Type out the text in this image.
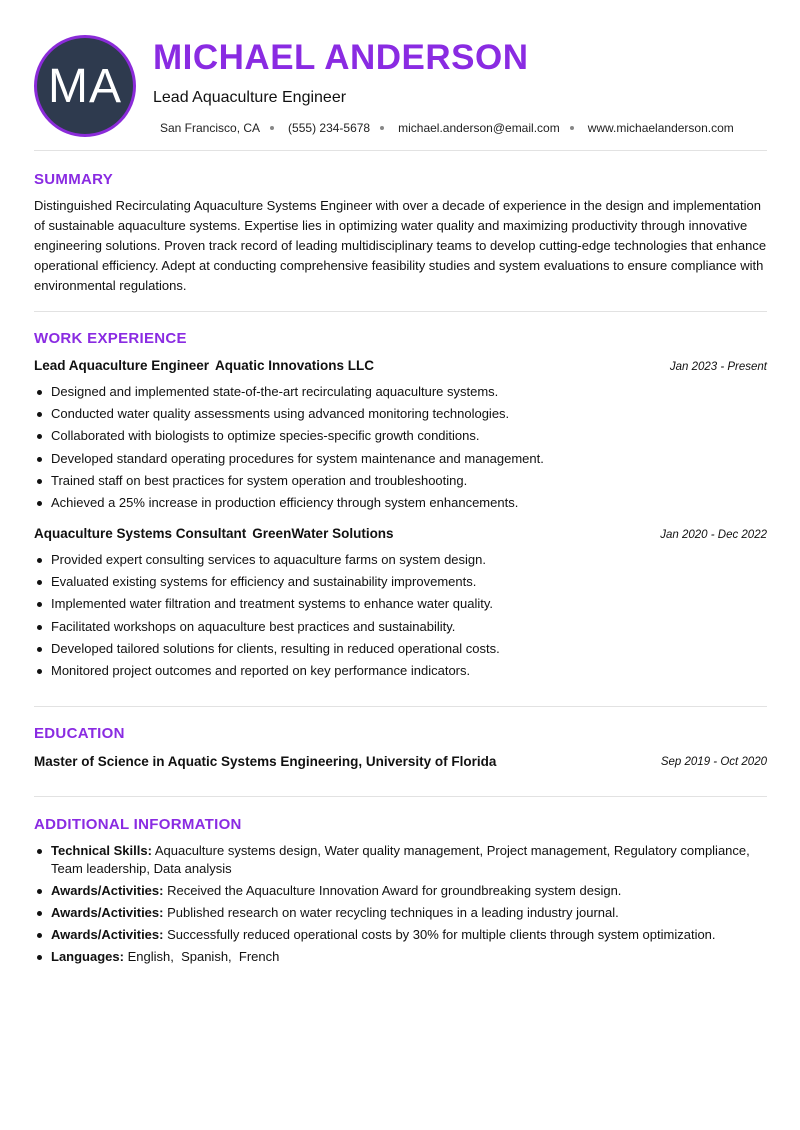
MA
MICHAEL ANDERSON
Lead Aquaculture Engineer
San Francisco, CA (555) 234-5678 michael.anderson@email.com www.michaelanderson.com
SUMMARY
Distinguished Recirculating Aquaculture Systems Engineer with over a decade of experience in the design and implementation of sustainable aquaculture systems. Expertise lies in optimizing water quality and maximizing productivity through innovative engineering solutions. Proven track record of leading multidisciplinary teams to develop cutting-edge technologies that enhance operational efficiency. Adept at conducting comprehensive feasibility studies and system evaluations to ensure compliance with environmental regulations.
WORK EXPERIENCE
Lead Aquaculture Engineer Aquatic Innovations LLC	Jan 2023 - Present
Designed and implemented state-of-the-art recirculating aquaculture systems.
Conducted water quality assessments using advanced monitoring technologies.
Collaborated with biologists to optimize species-specific growth conditions.
Developed standard operating procedures for system maintenance and management.
Trained staff on best practices for system operation and troubleshooting.
Achieved a 25% increase in production efficiency through system enhancements.
Aquaculture Systems Consultant GreenWater Solutions	Jan 2020 - Dec 2022
Provided expert consulting services to aquaculture farms on system design.
Evaluated existing systems for efficiency and sustainability improvements.
Implemented water filtration and treatment systems to enhance water quality.
Facilitated workshops on aquaculture best practices and sustainability.
Developed tailored solutions for clients, resulting in reduced operational costs.
Monitored project outcomes and reported on key performance indicators.
EDUCATION
Master of Science in Aquatic Systems Engineering, University of Florida	Sep 2019 - Oct 2020
ADDITIONAL INFORMATION
Technical Skills: Aquaculture systems design, Water quality management, Project management, Regulatory compliance, Team leadership, Data analysis
Awards/Activities: Received the Aquaculture Innovation Award for groundbreaking system design.
Awards/Activities: Published research on water recycling techniques in a leading industry journal.
Awards/Activities: Successfully reduced operational costs by 30% for multiple clients through system optimization.
Languages: English,  Spanish,  French
